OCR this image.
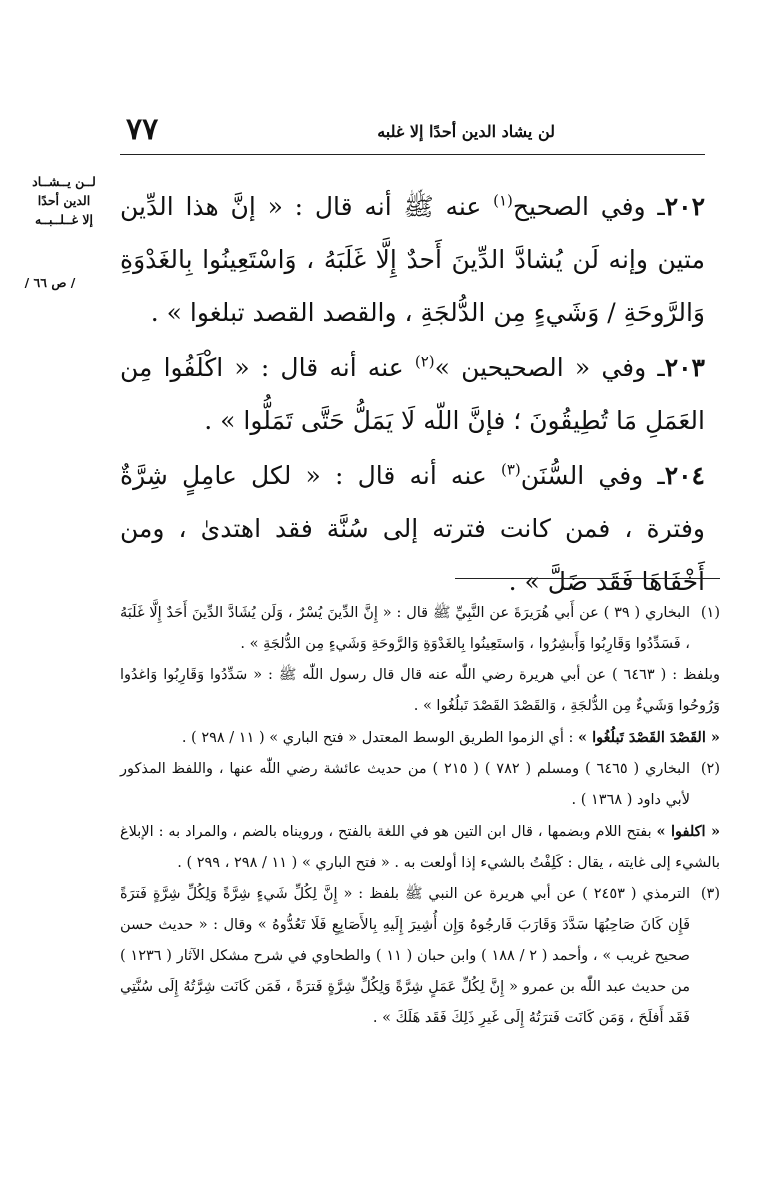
٧٧	لن يشاد الدين أحدًا إلا غلبه
لــن يــشــاد
الدين أحدًا
إلا غــلــبــه
/ ص ٦٦ /

٢٠٢ـ وفي الصحيح$^{(١)}$ عنه ﷺ أنه قال : « إنَّ هذا الدِّين متين وإنه لَن يُشادَّ الدِّينَ أَحدٌ إِلَّا غَلَبَهُ ، وَاسْتَعِينُوا بِالغَدْوَةِ وَالرَّوحَةِ / وَشَيءٍ مِن الدُّلجَةِ ، والقصد القصد تبلغوا » .

٢٠٣ـ وفي « الصحيحين »$^{(٢)}$ عنه أنه قال : « اكْلَفُوا مِن العَمَلِ مَا تُطِيقُونَ ؛ فإنَّ اللّه لَا يَمَلُّ حَتَّى تَمَلُّوا » .

٢٠٤ـ وفي السُّنَن$^{(٣)}$ عنه أنه قال : « لكل عامِلٍ شِرَّةٌ وفترة ، فمن كانت فترته إلى سُنَّة فقد اهتدىٰ ، ومن أَخْفَاهَا فَقَد ضَلَّ » .

(١)

البخاري ( ٣٩ ) عن أَبي هُرَيرَةَ عن النَّبِيِّ ﷺ قال : « إِنَّ الدِّينَ يُسْرٌ ، وَلَن يُشَادَّ الدِّينَ أَحَدٌ إِلَّا غَلَبَهُ ، فَسَدِّدُوا وَقَارِبُوا وَأَبشِرُوا ، وَاستَعِينُوا بِالغَدْوَةِ وَالرَّوحَةِ وَشَيءٍ مِن الدُّلجَةِ » .

وبلفظ : ( ٦٤٦٣ ) عن أبي هريرة رضي اللّٰه عنه قال قال رسول اللّٰه ﷺ : « سَدِّدُوا وَقَارِبُوا وَاغدُوا وَرُوحُوا وَشَيءٌ مِن الدُّلجَةِ ، وَالقَصْدَ القَصْدَ تَبلُغُوا » .

« القَصْدَ القَصْدَ تَبلُغُوا » : أي الزموا الطريق الوسط المعتدل « فتح الباري » ( ١١ / ٢٩٨ ) .

(٢)

البخاري ( ٦٤٦٥ ) ومسلم ( ٧٨٢ ) ( ٢١٥ ) من حديث عائشة رضي اللّٰه عنها ، واللفظ المذكور لأبي داود ( ١٣٦٨ ) .

« اكلفوا » بفتح اللام وبضمها ، قال ابن التين هو في اللغة بالفتح ، ورويناه بالضم ، والمراد به : الإبلاغ بالشيء إلى غايته ، يقال : كَلِفْتُ بالشيء إذا أولعت به . « فتح الباري » ( ١١ / ٢٩٨ ، ٢٩٩ ) .

(٣)

الترمذي ( ٢٤٥٣ ) عن أبي هريرة عن النبي ﷺ بلفظ : « إِنَّ لِكُلِّ شَيءٍ شِرَّةً وَلِكُلِّ شِرَّةٍ فَترَةً فَإِن كَانَ صَاحِبُهَا سَدَّدَ وَقَارَبَ فَارجُوهُ وَإِن أُشِيرَ إِلَيهِ بِالأَصَابِعِ فَلَا تَعُدُّوهُ » وقال : « حديث حسن صحيح غريب » ، وأحمد ( ٢ / ١٨٨ ) وابن حبان ( ١١ ) والطحاوي في شرح مشكل الآثار ( ١٢٣٦ ) من حديث عبد اللّٰه بن عمرو « إِنَّ لِكُلِّ عَمَلٍ شِرَّةً وَلِكُلِّ شِرَّةٍ فَترَةً ، فَمَن كَانَت شِرَّتُهُ إِلَى سُنَّتِي فَقَد أَفلَحَ ، وَمَن كَانَت فَترَتُهُ إِلَى غَيرِ ذَلِكَ فَقَد هَلَكَ » .
